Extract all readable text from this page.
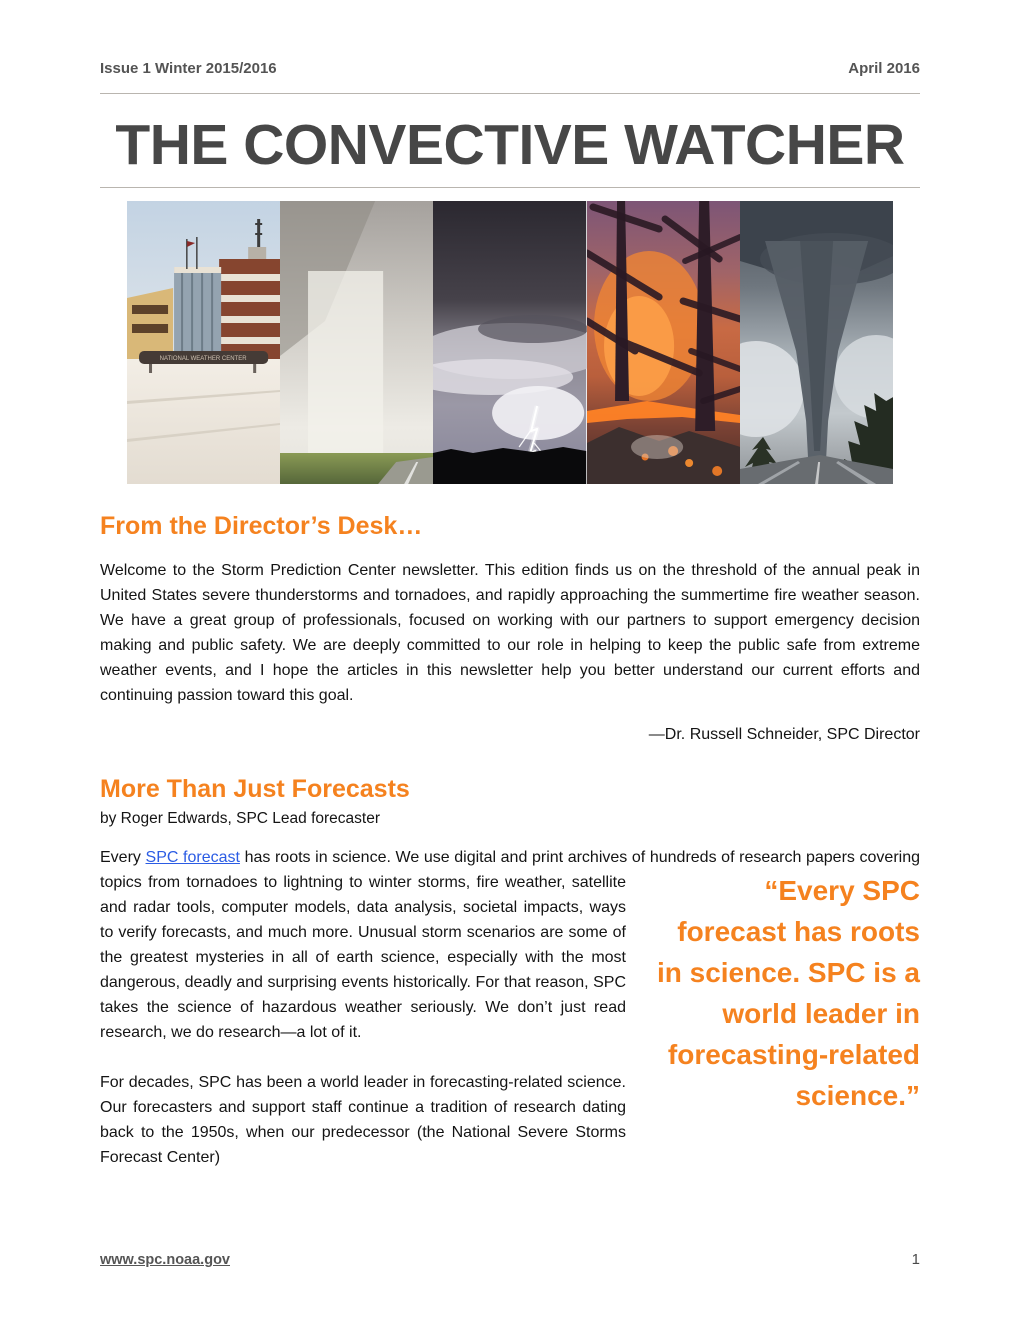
Issue 1 Winter 2015/2016	April 2016
THE CONVECTIVE WATCHER
NATIONAL WEATHER CENTER
From the Director’s Desk…

Welcome to the Storm Prediction Center newsletter. This edition finds us on the threshold of the annual peak in United States severe thunderstorms and tornadoes, and rapidly approaching the summertime fire weather season. We have a great group of professionals, focused on working with our partners to support emergency decision making and public safety. We are deeply committed to our role in helping to keep the public safe from extreme weather events, and I hope the articles in this newsletter help you better understand our current efforts and continuing passion toward this goal.

—Dr. Russell Schneider, SPC Director

More Than Just Forecasts

by Roger Edwards, SPC Lead forecaster

Every SPC forecast has roots in science. We use digital and print archives of hundreds of research papers
“Every SPC forecast has roots in science. SPC is a world leader in forecasting-related science.”
covering topics from tornadoes to lightning to winter storms, fire weather, satellite and radar tools, computer models, data analysis, societal impacts, ways to verify forecasts, and much more. Unusual storm scenarios are some of the greatest mysteries in all of earth science, especially with the most dangerous, deadly and surprising events historically. For that reason, SPC takes the science of hazardous weather seriously. We don’t just read research, we do research—a lot of it.

For decades, SPC has been a world leader in forecasting-related science. Our forecasters and support staff continue a tradition of research dating back to the 1950s, when our predecessor (the National Severe Storms Forecast Center)

www.spc.noaa.gov	1
